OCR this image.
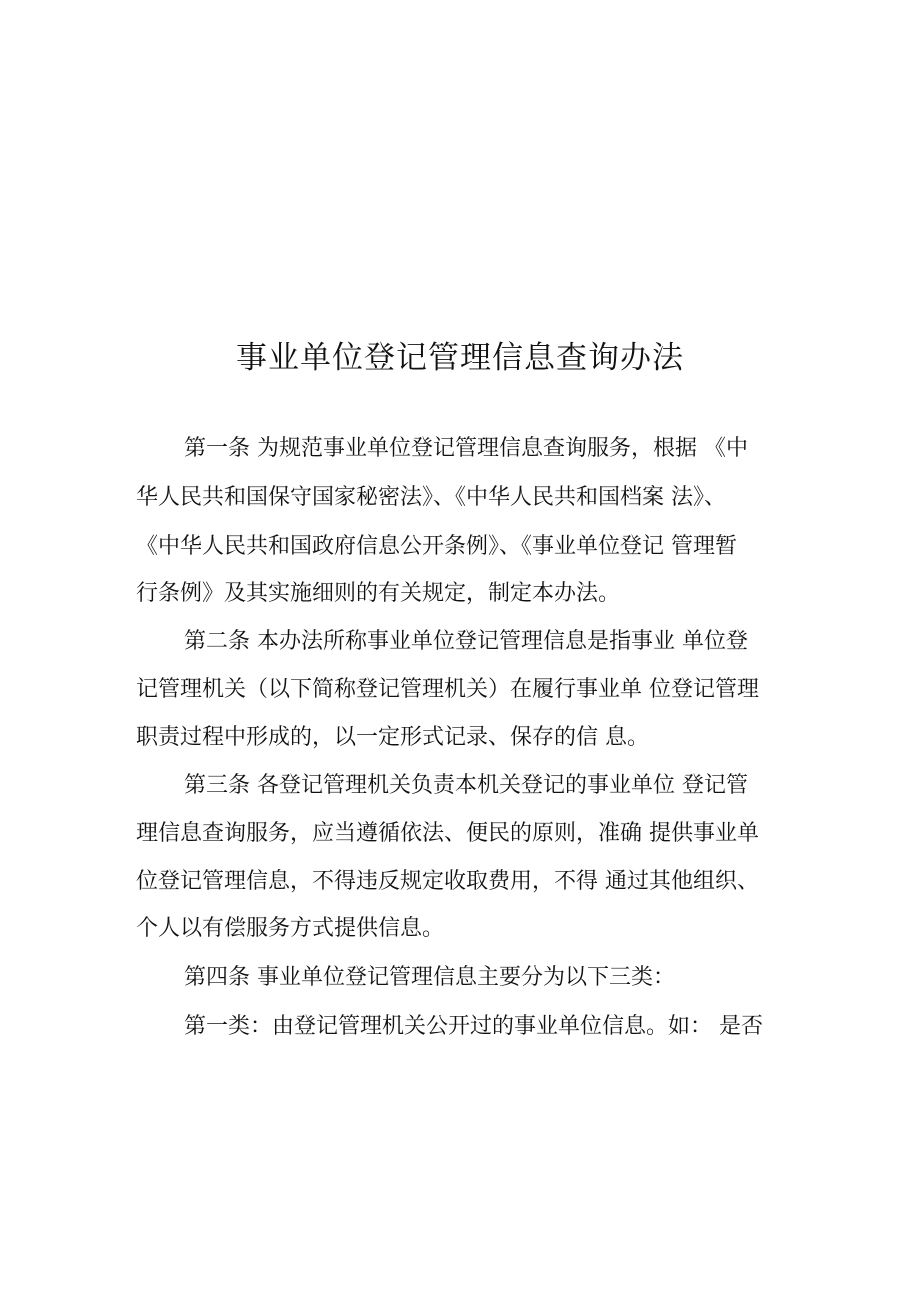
事业单位登记管理信息查询办法

第一条 为规范事业单位登记管理信息查询服务，根据 《中

华人民共和国保守国家秘密法》、《中华人民共和国档案 法》、

《中华人民共和国政府信息公开条例》、《事业单位登记 管理暂

行条例》及其实施细则的有关规定，制定本办法。

第二条 本办法所称事业单位登记管理信息是指事业 单位登

记管理机关（以下简称登记管理机关）在履行事业单 位登记管理

职责过程中形成的，以一定形式记录、保存的信 息。

第三条 各登记管理机关负责本机关登记的事业单位 登记管

理信息查询服务，应当遵循依法、便民的原则，准确 提供事业单

位登记管理信息，不得违反规定收取费用，不得 通过其他组织、

个人以有偿服务方式提供信息。

第四条 事业单位登记管理信息主要分为以下三类：

第一类：由登记管理机关公开过的事业单位信息。如： 是否
